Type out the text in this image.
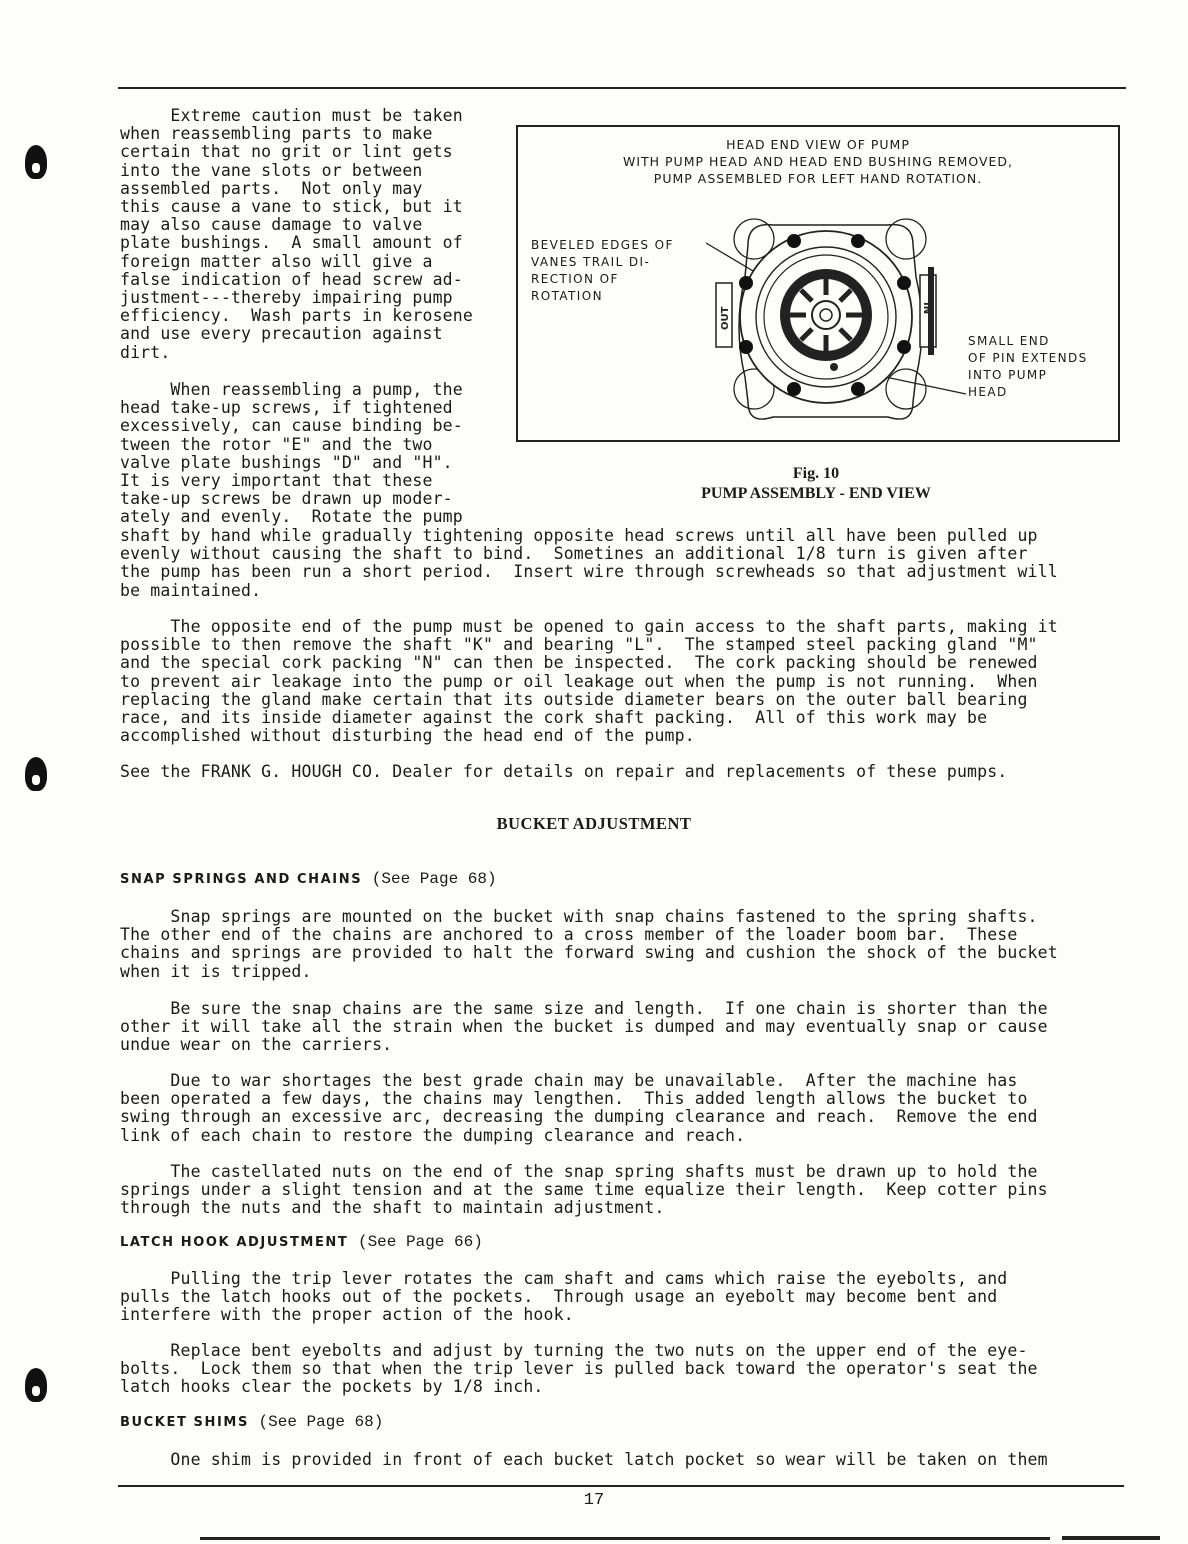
Extreme caution must be taken
when reassembling parts to make
certain that no grit or lint gets
into the vane slots or between
assembled parts.  Not only may
this cause a vane to stick, but it
may also cause damage to valve
plate bushings.  A small amount of
foreign matter also will give a
false indication of head screw ad-
justment---thereby impairing pump
efficiency.  Wash parts in kerosene
and use every precaution against
dirt.
When reassembling a pump, the
head take-up screws, if tightened
excessively, can cause binding be-
tween the rotor "E" and the two
valve plate bushings "D" and "H".
It is very important that these
take-up screws be drawn up moder-
ately and evenly.  Rotate the pump
shaft by hand while gradually tightening opposite head screws until all have been pulled up
evenly without causing the shaft to bind.  Sometines an additional 1/8 turn is given after
the pump has been run a short period.  Insert wire through screwheads so that adjustment will
be maintained.
HEAD END VIEW OF PUMP
WITH PUMP HEAD AND HEAD END BUSHING REMOVED,
PUMP ASSEMBLED FOR LEFT HAND ROTATION.
BEVELED EDGES OF
VANES TRAIL DI-
RECTION OF
ROTATION
SMALL END
OF PIN EXTENDS
INTO PUMP
HEAD
OUT	IN
Fig. 10
PUMP ASSEMBLY - END VIEW
The opposite end of the pump must be opened to gain access to the shaft parts, making it
possible to then remove the shaft "K" and bearing "L".  The stamped steel packing gland "M"
and the special cork packing "N" can then be inspected.  The cork packing should be renewed
to prevent air leakage into the pump or oil leakage out when the pump is not running.  When
replacing the gland make certain that its outside diameter bears on the outer ball bearing
race, and its inside diameter against the cork shaft packing.  All of this work may be
accomplished without disturbing the head end of the pump.
See the FRANK G. HOUGH CO. Dealer for details on repair and replacements of these pumps.
BUCKET ADJUSTMENT
SNAP SPRINGS AND CHAINS (See Page 68)
Snap springs are mounted on the bucket with snap chains fastened to the spring shafts.
The other end of the chains are anchored to a cross member of the loader boom bar.  These
chains and springs are provided to halt the forward swing and cushion the shock of the bucket
when it is tripped.
Be sure the snap chains are the same size and length.  If one chain is shorter than the
other it will take all the strain when the bucket is dumped and may eventually snap or cause
undue wear on the carriers.
Due to war shortages the best grade chain may be unavailable.  After the machine has
been operated a few days, the chains may lengthen.  This added length allows the bucket to
swing through an excessive arc, decreasing the dumping clearance and reach.  Remove the end
link of each chain to restore the dumping clearance and reach.
The castellated nuts on the end of the snap spring shafts must be drawn up to hold the
springs under a slight tension and at the same time equalize their length.  Keep cotter pins
through the nuts and the shaft to maintain adjustment.
LATCH HOOK ADJUSTMENT (See Page 66)
Pulling the trip lever rotates the cam shaft and cams which raise the eyebolts, and
pulls the latch hooks out of the pockets.  Through usage an eyebolt may become bent and
interfere with the proper action of the hook.
Replace bent eyebolts and adjust by turning the two nuts on the upper end of the eye-
bolts.  Lock them so that when the trip lever is pulled back toward the operator's seat the
latch hooks clear the pockets by 1/8 inch.
BUCKET SHIMS (See Page 68)
One shim is provided in front of each bucket latch pocket so wear will be taken on them
17
